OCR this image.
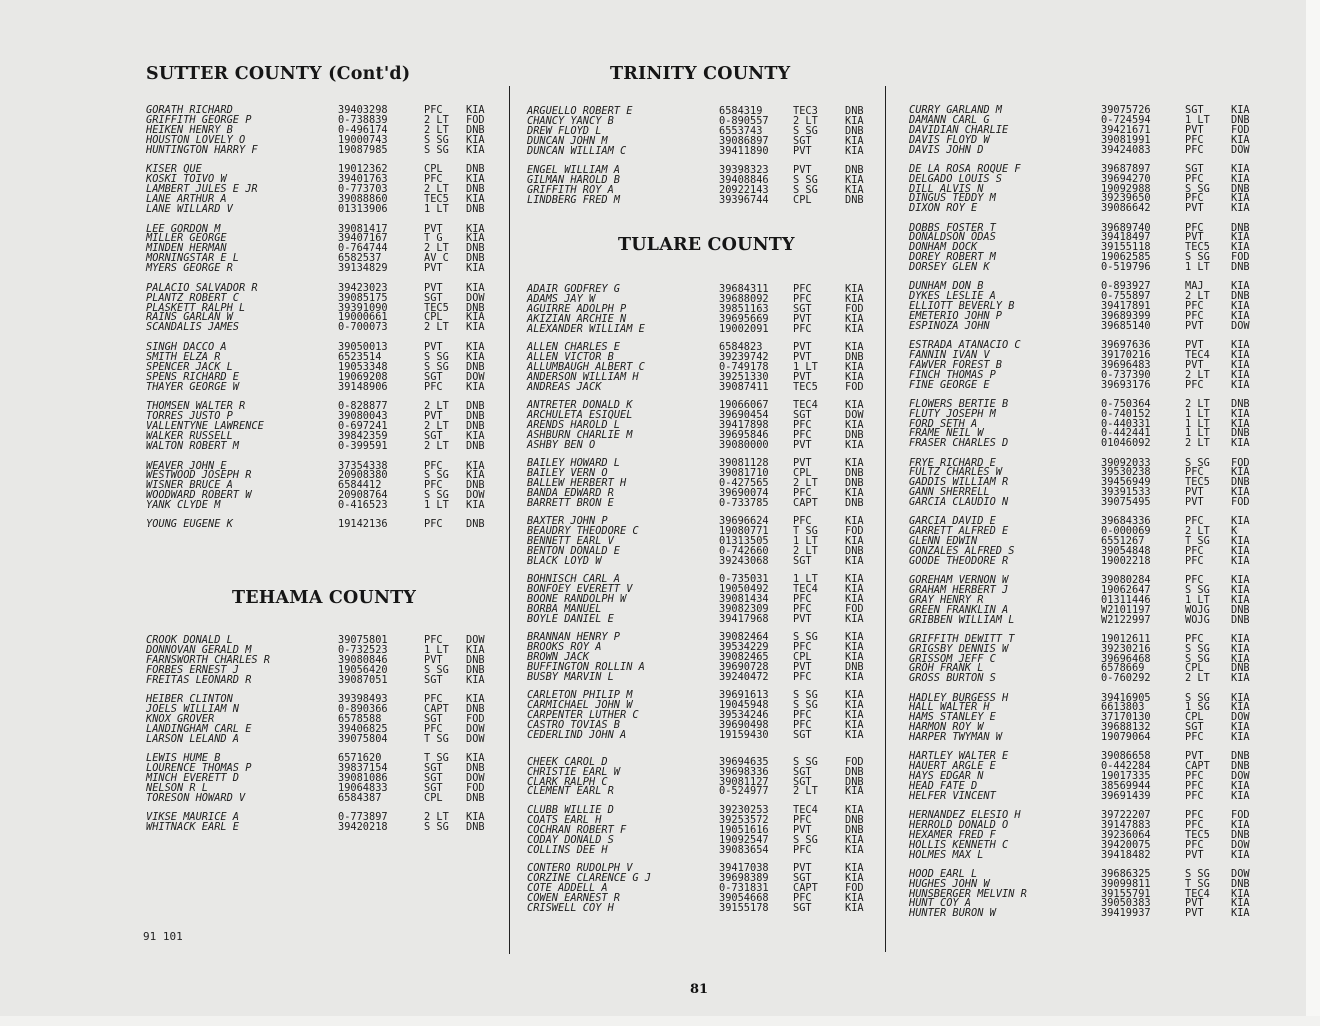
SUTTER COUNTY (Cont'd)	TRINITY COUNTY
TULARE COUNTY
TEHAMA COUNTY
GORATH RICHARD	39403298	PFC KIA
GRIFFITH GEORGE P	0-738839	2 LT FOD
HEIKEN HENRY B	0-496174	2 LT DNB
HOUSTON LOVELY O	19000743	S SG KIA
HUNTINGTON HARRY F	19087985	S SG KIA
KISER QUE	19012362	CPL DNB
KOSKI TOIVO W	39401763	PFC KIA
LAMBERT JULES E JR	0-773703	2 LT DNB
LANE ARTHUR A	39088860	TEC5 KIA
LANE WILLARD V	01313906	1 LT DNB
LEE GORDON M	39081417	PVT KIA
MILLER GEORGE	39407167	T G KIA
MINDEN HERMAN	0-764744	2 LT DNB
MORNINGSTAR E L	6582537	AV C DNB
MYERS GEORGE R	39134829	PVT KIA
PALACIO SALVADOR R	39423023	PVT KIA
PLANTZ ROBERT C	39085175	SGT DOW
PLASKETT RALPH L	39391090	TEC5 DNB
RAINS GARLAN W	19000661	CPL KIA
SCANDALIS JAMES	0-700073	2 LT KIA
SINGH DACCO A	39050013	PVT KIA
SMITH ELZA R	6523514	S SG KIA
SPENCER JACK L	19053348	S SG DNB
SPENS RICHARD E	19069208	SGT DOW
THAYER GEORGE W	39148906	PFC KIA
THOMSEN WALTER R	0-828877	2 LT DNB
TORRES JUSTO P	39080043	PVT DNB
VALLENTYNE LAWRENCE	0-697241	2 LT DNB
WALKER RUSSELL	39842359	SGT KIA
WALTON ROBERT M	0-399591	2 LT DNB
WEAVER JOHN E	37354338	PFC KIA
WESTWOOD JOSEPH R	20908380	S SG KIA
WISNER BRUCE A	6584412	PFC DNB
WOODWARD ROBERT W	20908764	S SG DOW
YANK CLYDE M	0-416523	1 LT KIA
YOUNG EUGENE K	19142136	PFC DNB
CROOK DONALD L	39075801	PFC DOW
DONNOVAN GERALD M	0-732523	1 LT KIA
FARNSWORTH CHARLES R	39080846	PVT DNB
FORBES ERNEST J	19056420	S SG DNB
FREITAS LEONARD R	39087051	SGT KIA
HEIBER CLINTON	39398493	PFC KIA
JOELS WILLIAM N	0-890366	CAPT DNB
KNOX GROVER	6578588	SGT FOD
LANDINGHAM CARL E	39406825	PFC DOW
LARSON LELAND A	39075804	T SG DOW
LEWIS HUME B	6571620	T SG KIA
LOURENCE THOMAS P	39837154	SGT DNB
MINCH EVERETT D	39081086	SGT DOW
NELSON R L	19064833	SGT FOD
TORESON HOWARD V	6584387	CPL DNB
VIKSE MAURICE A	0-773897	2 LT KIA
WHITNACK EARL E	39420218	S SG DNB
ARGUELLO ROBERT E	6584319	TEC3	DNB
CHANCY YANCY B	0-890557 2 LT	KIA
DREW FLOYD L	6553743	S SG	DNB
DUNCAN JOHN M	39086897 SGT	KIA
DUNCAN WILLIAM C	39411890 PVT	KIA
ENGEL WILLIAM A	39398323 PVT	DNB
GILMAN HAROLD B	39408846 S SG	KIA
GRIFFITH ROY A	20922143 S SG	KIA
LINDBERG FRED M	39396744 CPL	DNB
ADAIR GODFREY G	39684311 PFC	KIA
ADAMS JAY W	39688092 PFC	KIA
AGUIRRE ADOLPH P	39851163 SGT	FOD
AKIZIAN ARCHIE N	39695669 PVT	KIA
ALEXANDER WILLIAM E	19002091 PFC	KIA
ALLEN CHARLES E	6584823	PVT	KIA
ALLEN VICTOR B	39239742 PVT	DNB
ALLUMBAUGH ALBERT C	0-749178 1 LT	KIA
ANDERSON WILLIAM H	39251330 PVT	KIA
ANDREAS JACK	39087411 TEC5	FOD
ANTRETER DONALD K	19066067 TEC4	KIA
ARCHULETA ESIQUEL	39690454 SGT	DOW
ARENDS HAROLD L	39417898 PFC	KIA
ASHBURN CHARLIE M	39695846 PFC	DNB
ASHBY BEN O	39080000 PVT	KIA
BAILEY HOWARD L	39081128 PVT	KIA
BAILEY VERN O	39081710 CPL	DNB
BALLEW HERBERT H	0-427565 2 LT	DNB
BANDA EDWARD R	39690074 PFC	KIA
BARRETT BRON E	0-733785 CAPT	DNB
BAXTER JOHN P	39696624 PFC	KIA
BEAUDRY THEODORE C	19080771 T SG	FOD
BENNETT EARL V	01313505 1 LT	KIA
BENTON DONALD E	0-742660 2 LT	DNB
BLACK LOYD W	39243068 SGT	KIA
BOHNISCH CARL A	0-735031 1 LT	KIA
BONFOEY EVERETT V	19050492 TEC4	KIA
BOONE RANDOLPH W	39081434 PFC	KIA
BORBA MANUEL	39082309 PFC	FOD
BOYLE DANIEL E	39417968 PVT	KIA
BRANNAN HENRY P	39082464 S SG	KIA
BROOKS ROY A	39534229 PFC	KIA
BROWN JACK	39082465 CPL	KIA
BUFFINGTON ROLLIN A	39690728 PVT	DNB
BUSBY MARVIN L	39240472 PFC	KIA
CARLETON PHILIP M	39691613 S SG	KIA
CARMICHAEL JOHN W	19045948 S SG	KIA
CARPENTER LUTHER C	39534246 PFC	KIA
CASTRO TOVIAS B	39690498 PFC	KIA
CEDERLIND JOHN A	19159430 SGT	KIA
CHEEK CAROL D	39694635 S SG	FOD
CHRISTIE EARL W	39698336 SGT	DNB
CLARK RALPH C	39081127 SGT	DNB
CLEMENT EARL R	0-524977 2 LT	KIA
CLUBB WILLIE D	39230253 TEC4	KIA
COATS EARL H	39253572 PFC	DNB
COCHRAN ROBERT F	19051616 PVT	DNB
CODAY DONALD S	19092547 S SG	KIA
COLLINS DEE H	39083654 PFC	KIA
CONTERO RUDOLPH V	39417038 PVT	KIA
CORZINE CLARENCE G J	39698389 SGT	KIA
COTE ADDELL A	0-731831 CAPT	FOD
COWEN EARNEST R	39054668 PFC	KIA
CRISWELL COY H	39155178 SGT	KIA
CURRY GARLAND M	39075726	SGT	KIA
DAMANN CARL G	0-724594	1 LT DNB
DAVIDIAN CHARLIE	39421671	PVT	FOD
DAVIS FLOYD W	39081991	PFC	KIA
DAVIS JOHN D	39424083	PFC	DOW
DE LA ROSA ROQUE F	39687897	SGT	KIA
DELGADO LOUIS S	39694270	PFC	KIA
DILL ALVIS N	19092988	S SG DNB
DINGUS TEDDY M	39239650	PFC	KIA
DIXON ROY E	39086642	PVT	KIA
DOBBS FOSTER T	39689740	PFC	DNB
DONALDSON ODAS	39418497	PVT	KIA
DONHAM DOCK	39155118	TEC5 KIA
DOREY ROBERT M	19062585	S SG FOD
DORSEY GLEN K	0-519796	1 LT DNB
DUNHAM DON B	0-893927	MAJ	KIA
DYKES LESLIE A	0-755897	2 LT DNB
ELLIOTT BEVERLY B	39417891	PFC	KIA
EMETERIO JOHN P	39689399	PFC	KIA
ESPINOZA JOHN	39685140	PVT	DOW
ESTRADA ATANACIO C	39697636	PVT	KIA
FANNIN IVAN V	39170216	TEC4 KIA
FAWVER FOREST B	39696483	PVT	KIA
FINCH THOMAS P	0-737390	2 LT KIA
FINE GEORGE E	39693176	PFC	KIA
FLOWERS BERTIE B	0-750364	2 LT DNB
FLUTY JOSEPH M	0-740152	1 LT KIA
FORD SETH A	0-440331	1 LT KIA
FRAME NEIL W	0-442441	1 LT DNB
FRASER CHARLES D	01046092	2 LT KIA
FRYE RICHARD E	39092033	S SG FOD
FULTZ CHARLES W	39530238	PFC	KIA
GADDIS WILLIAM R	39456949	TEC5 DNB
GANN SHERRELL	39391533	PVT	KIA
GARCIA CLAUDIO N	39075495	PVT	FOD
GARCIA DAVID E	39684336	PFC	KIA
GARRETT ALFRED E	0-000069	2 LT K
GLENN EDWIN	6551267	T SG KIA
GONZALES ALFRED S	39054848	PFC	KIA
GOODE THEODORE R	19002218	PFC	KIA
GOREHAM VERNON W	39080284	PFC	KIA
GRAHAM HERBERT J	19062647	S SG KIA
GRAY HENRY R	01311446	1 LT KIA
GREEN FRANKLIN A	W2101197	WOJG DNB
GRIBBEN WILLIAM L	W2122997	WOJG DNB
GRIFFITH DEWITT T	19012611	PFC	KIA
GRIGSBY DENNIS W	39230216	S SG KIA
GRISSOM JEFF C	39696468	S SG KIA
GROH FRANK L	6578669	CPL	DNB
GROSS BURTON S	0-760292	2 LT KIA
HADLEY BURGESS H	39416905	S SG KIA
HALL WALTER H	6613803	1 SG KIA
HAMS STANLEY E	37170130	CPL	DOW
HARMON ROY W	39688132	SGT	KIA
HARPER TWYMAN W	19079064	PFC	KIA
HARTLEY WALTER E	39086658	PVT	DNB
HAUERT ARGLE E	0-442284	CAPT DNB
HAYS EDGAR N	19017335	PFC	DOW
HEAD FATE D	38569944	PFC	KIA
HELFER VINCENT	39691439	PFC	KIA
HERNANDEZ ELESIO H	39722207	PFC	FOD
HERROLD DONALD O	39147883	PFC	KIA
HEXAMER FRED F	39236064	TEC5 DNB
HOLLIS KENNETH C	39420075	PFC	DOW
HOLMES MAX L	39418482	PVT	KIA
HOOD EARL L	39686325	S SG DOW
HUGHES JOHN W	39099811	T SG DNB
HUNSBERGER MELVIN R	39155791	TEC4 KIA
HUNT COY A	39050383	PVT	KIA
HUNTER BURON W	39419937	PVT	KIA
91 101
81
